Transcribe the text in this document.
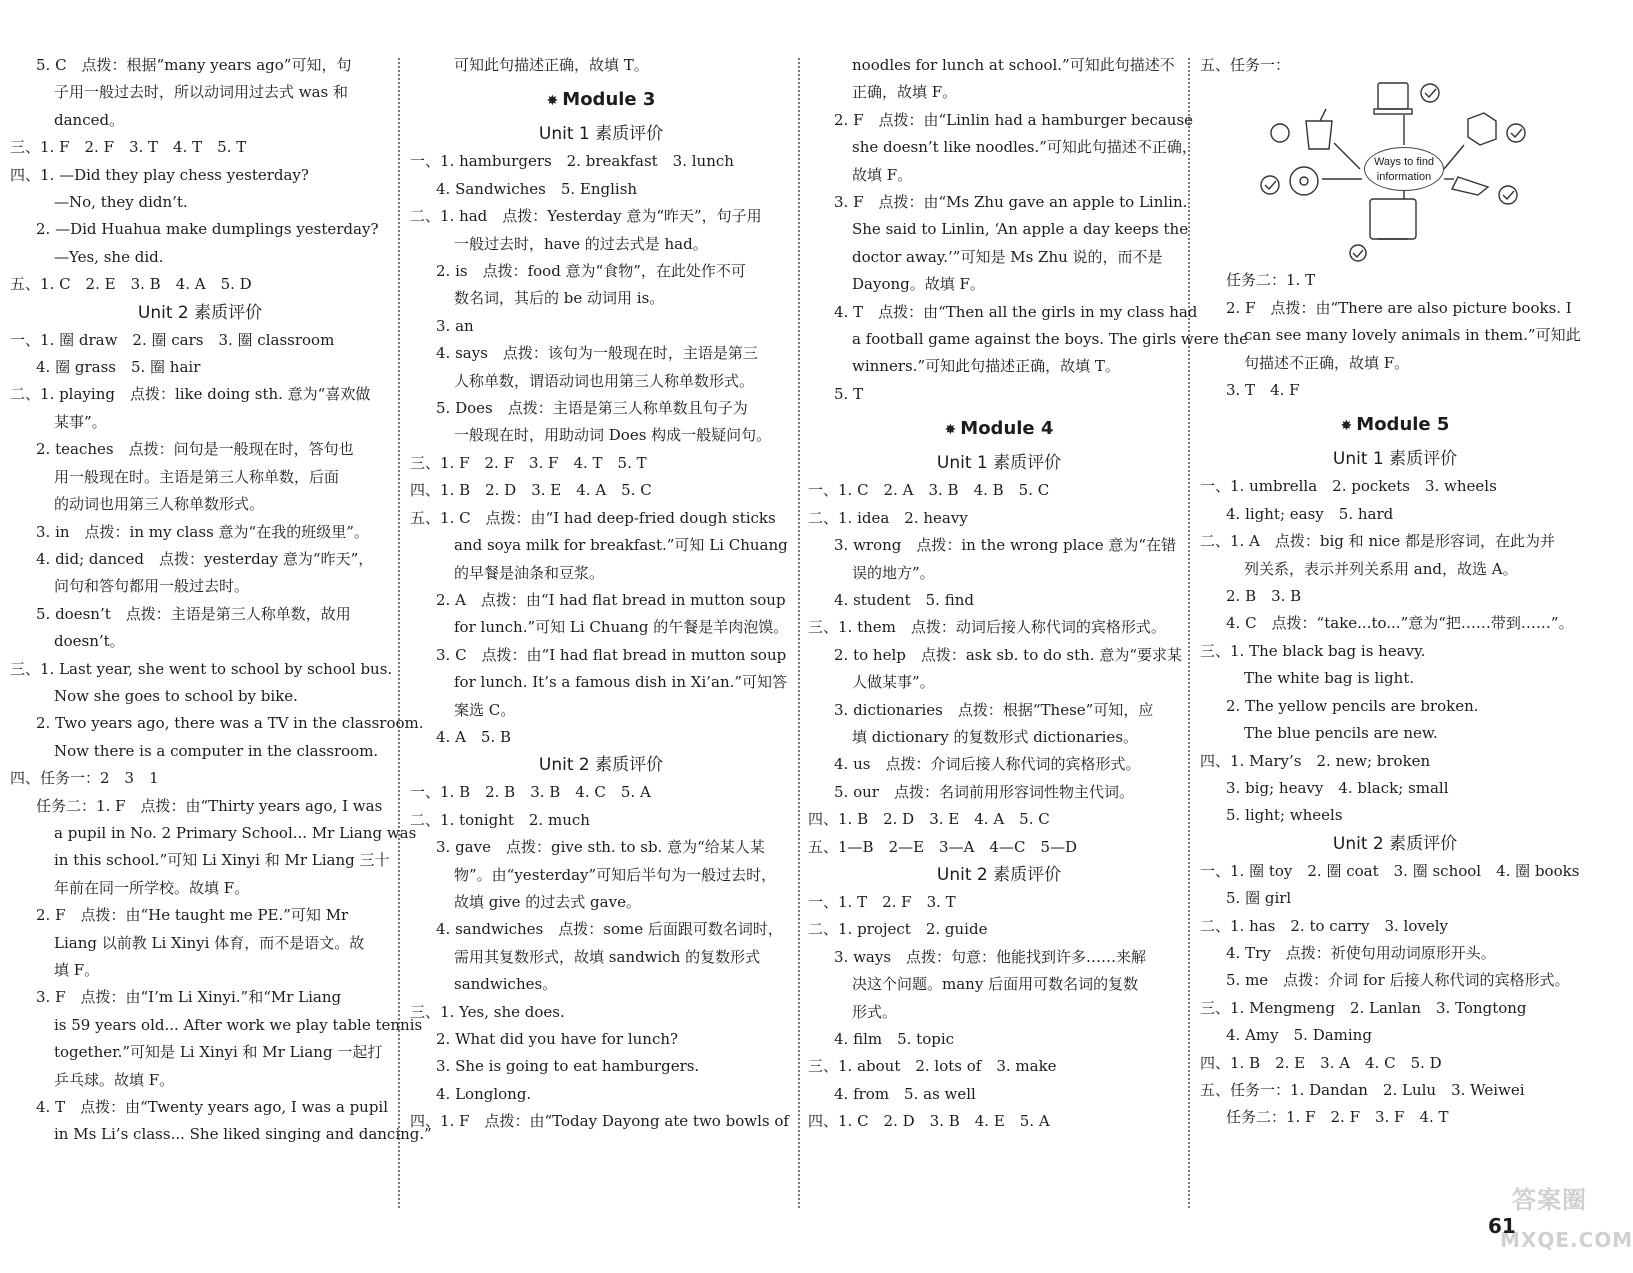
5. C　点拨：根据“many years ago”可知，句
子用一般过去时，所以动词用过去式 was 和
danced。
三、1. F　2. F　3. T　4. T　5. T
四、1. —Did they play chess yesterday?
—No, they didn’t.
2. —Did Huahua make dumplings yesterday?
—Yes, she did.
五、1. C　2. E　3. B　4. A　5. D
Unit 2 素质评价
一、1. 圈 draw　2. 圈 cars　3. 圈 classroom
4. 圈 grass　5. 圈 hair
二、1. playing　点拨：like doing sth. 意为“喜欢做
某事”。
2. teaches　点拨：问句是一般现在时，答句也
用一般现在时。主语是第三人称单数，后面
的动词也用第三人称单数形式。
3. in　点拨：in my class 意为“在我的班级里”。
4. did; danced　点拨：yesterday 意为“昨天”，
问句和答句都用一般过去时。
5. doesn’t　点拨：主语是第三人称单数，故用
doesn’t。
三、1. Last year, she went to school by school bus.
Now she goes to school by bike.
2. Two years ago, there was a TV in the classroom.
Now there is a computer in the classroom.
四、任务一：2　3　1
任务二：1. F　点拨：由“Thirty years ago, I was
a pupil in No. 2 Primary School... Mr Liang was
in this school.”可知 Li Xinyi 和 Mr Liang 三十
年前在同一所学校。故填 F。
2. F　点拨：由“He taught me PE.”可知 Mr
Liang 以前教 Li Xinyi 体育，而不是语文。故
填 F。
3. F　点拨：由“I’m Li Xinyi.”和“Mr Liang
is 59 years old... After work we play table tennis
together.”可知是 Li Xinyi 和 Mr Liang 一起打
乒乓球。故填 F。
4. T　点拨：由“Twenty years ago, I was a pupil
in Ms Li’s class... She liked singing and dancing.”
可知此句描述正确，故填 T。
✸ Module 3
Unit 1 素质评价
一、1. hamburgers　2. breakfast　3. lunch
4. Sandwiches　5. English
二、1. had　点拨：Yesterday 意为“昨天”，句子用
一般过去时，have 的过去式是 had。
2. is　点拨：food 意为“食物”，在此处作不可
数名词，其后的 be 动词用 is。
3. an
4. says　点拨：该句为一般现在时，主语是第三
人称单数，谓语动词也用第三人称单数形式。
5. Does　点拨：主语是第三人称单数且句子为
一般现在时，用助动词 Does 构成一般疑问句。
三、1. F　2. F　3. F　4. T　5. T
四、1. B　2. D　3. E　4. A　5. C
五、1. C　点拨：由“I had deep-fried dough sticks
and soya milk for breakfast.”可知 Li Chuang
的早餐是油条和豆浆。
2. A　点拨：由“I had flat bread in mutton soup
for lunch.”可知 Li Chuang 的午餐是羊肉泡馍。
3. C　点拨：由“I had flat bread in mutton soup
for lunch. It’s a famous dish in Xi’an.”可知答
案选 C。
4. A　5. B
Unit 2 素质评价
一、1. B　2. B　3. B　4. C　5. A
二、1. tonight　2. much
3. gave　点拨：give sth. to sb. 意为“给某人某
物”。由“yesterday”可知后半句为一般过去时，
故填 give 的过去式 gave。
4. sandwiches　点拨：some 后面跟可数名词时，
需用其复数形式，故填 sandwich 的复数形式
sandwiches。
三、1. Yes, she does.
2. What did you have for lunch?
3. She is going to eat hamburgers.
4. Longlong.
四、1. F　点拨：由“Today Dayong ate two bowls of
noodles for lunch at school.”可知此句描述不
正确，故填 F。
2. F　点拨：由“Linlin had a hamburger because
she doesn’t like noodles.”可知此句描述不正确，
故填 F。
3. F　点拨：由“Ms Zhu gave an apple to Linlin.
She said to Linlin, ‘An apple a day keeps the
doctor away.’”可知是 Ms Zhu 说的，而不是
Dayong。故填 F。
4. T　点拨：由“Then all the girls in my class had
a football game against the boys. The girls were the
winners.”可知此句描述正确，故填 T。
5. T
✸ Module 4
Unit 1 素质评价
一、1. C　2. A　3. B　4. B　5. C
二、1. idea　2. heavy
3. wrong　点拨：in the wrong place 意为“在错
误的地方”。
4. student　5. find
三、1. them　点拨：动词后接人称代词的宾格形式。
2. to help　点拨：ask sb. to do sth. 意为“要求某
人做某事”。
3. dictionaries　点拨：根据“These”可知，应
填 dictionary 的复数形式 dictionaries。
4. us　点拨：介词后接人称代词的宾格形式。
5. our　点拨：名词前用形容词性物主代词。
四、1. B　2. D　3. E　4. A　5. C
五、1—B　2—E　3—A　4—C　5—D
Unit 2 素质评价
一、1. T　2. F　3. T
二、1. project　2. guide
3. ways　点拨：句意：他能找到许多……来解
决这个问题。many 后面用可数名词的复数
形式。
4. film　5. topic
三、1. about　2. lots of　3. make
4. from　5. as well
四、1. C　2. D　3. B　4. E　5. A
五、任务一：
Ways to find
information
任务二：1. T
2. F　点拨：由“There are also picture books. I
can see many lovely animals in them.”可知此
句描述不正确，故填 F。
3. T　4. F
✸ Module 5
Unit 1 素质评价
一、1. umbrella　2. pockets　3. wheels
4. light; easy　5. hard
二、1. A　点拨：big 和 nice 都是形容词，在此为并
列关系，表示并列关系用 and，故选 A。
2. B　3. B
4. C　点拨：“take...to...”意为“把……带到……”。
三、1. The black bag is heavy.
The white bag is light.
2. The yellow pencils are broken.
The blue pencils are new.
四、1. Mary’s　2. new; broken
3. big; heavy　4. black; small
5. light; wheels
Unit 2 素质评价
一、1. 圈 toy　2. 圈 coat　3. 圈 school　4. 圈 books
5. 圈 girl
二、1. has　2. to carry　3. lovely
4. Try　点拨：祈使句用动词原形开头。
5. me　点拨：介词 for 后接人称代词的宾格形式。
三、1. Mengmeng　2. Lanlan　3. Tongtong
4. Amy　5. Daming
四、1. B　2. E　3. A　4. C　5. D
五、任务一：1. Dandan　2. Lulu　3. Weiwei
任务二：1. F　2. F　3. F　4. T
答案圈
MXQE.COM
61
